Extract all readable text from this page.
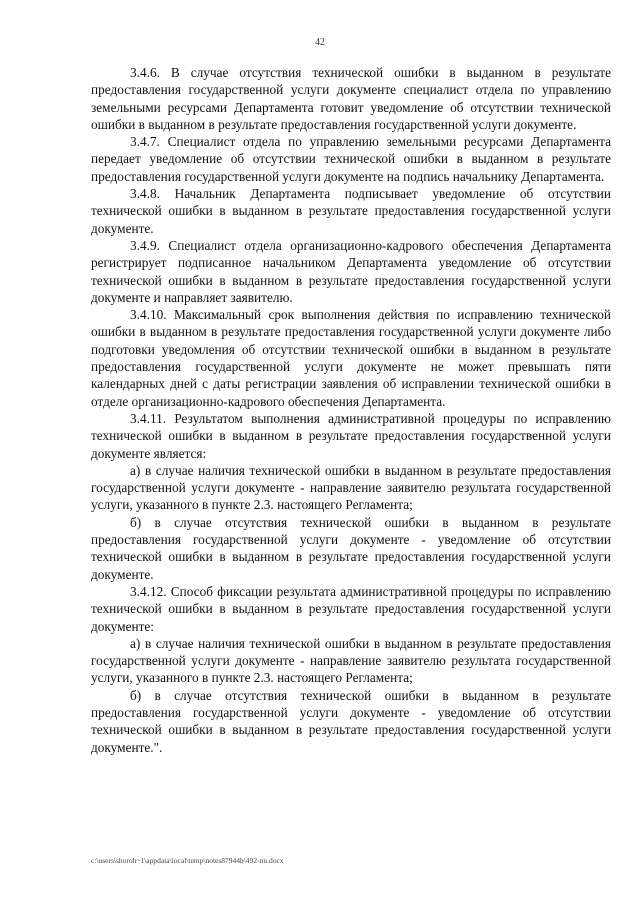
42

3.4.6. В случае отсутствия технической ошибки в выданном в результате предоставления государственной услуги документе специалист отдела по управлению земельными ресурсами Департамента готовит уведомление об отсутствии технической ошибки в выданном в результате предоставления государственной услуги документе.

3.4.7. Специалист отдела по управлению земельными ресурсами Департамента передает уведомление об отсутствии технической ошибки в выданном в результате предоставления государственной услуги документе на подпись начальнику Департамента.

3.4.8. Начальник Департамента подписывает уведомление об отсутствии технической ошибки в выданном в результате предоставления государственной услуги документе.

3.4.9. Специалист отдела организационно-кадрового обеспечения Департамента регистрирует подписанное начальником Департамента уведомление об отсутствии технической ошибки в выданном в результате предоставления государственной услуги документе и направляет заявителю.

3.4.10. Максимальный срок выполнения действия по исправлению технической ошибки в выданном в результате предоставления государственной услуги документе либо подготовки уведомления об отсутствии технической ошибки в выданном в результате предоставления государственной услуги документе не может превышать пяти календарных дней с даты регистрации заявления об исправлении технической ошибки в отделе организационно-кадрового обеспечения Департамента.

3.4.11. Результатом выполнения административной процедуры по исправлению технической ошибки в выданном в результате предоставления государственной услуги документе является:

а) в случае наличия технической ошибки в выданном в результате предоставления государственной услуги документе - направление заявителю результата государственной услуги, указанного в пункте 2.3. настоящего Регламента;

б) в случае отсутствия технической ошибки в выданном в результате предоставления государственной услуги документе - уведомление об отсутствии технической ошибки в выданном в результате предоставления государственной услуги документе.

3.4.12. Способ фиксации результата административной процедуры по исправлению технической ошибки в выданном в результате предоставления государственной услуги документе:

а) в случае наличия технической ошибки в выданном в результате предоставления государственной услуги документе - направление заявителю результата государственной услуги, указанного в пункте 2.3. настоящего Регламента;

б) в случае отсутствия технической ошибки в выданном в результате предоставления государственной услуги документе - уведомление об отсутствии технической ошибки в выданном в результате предоставления государственной услуги документе.".

c:\users\shoroh~1\appdata\local\temp\notes87944b\492-nn.docx
